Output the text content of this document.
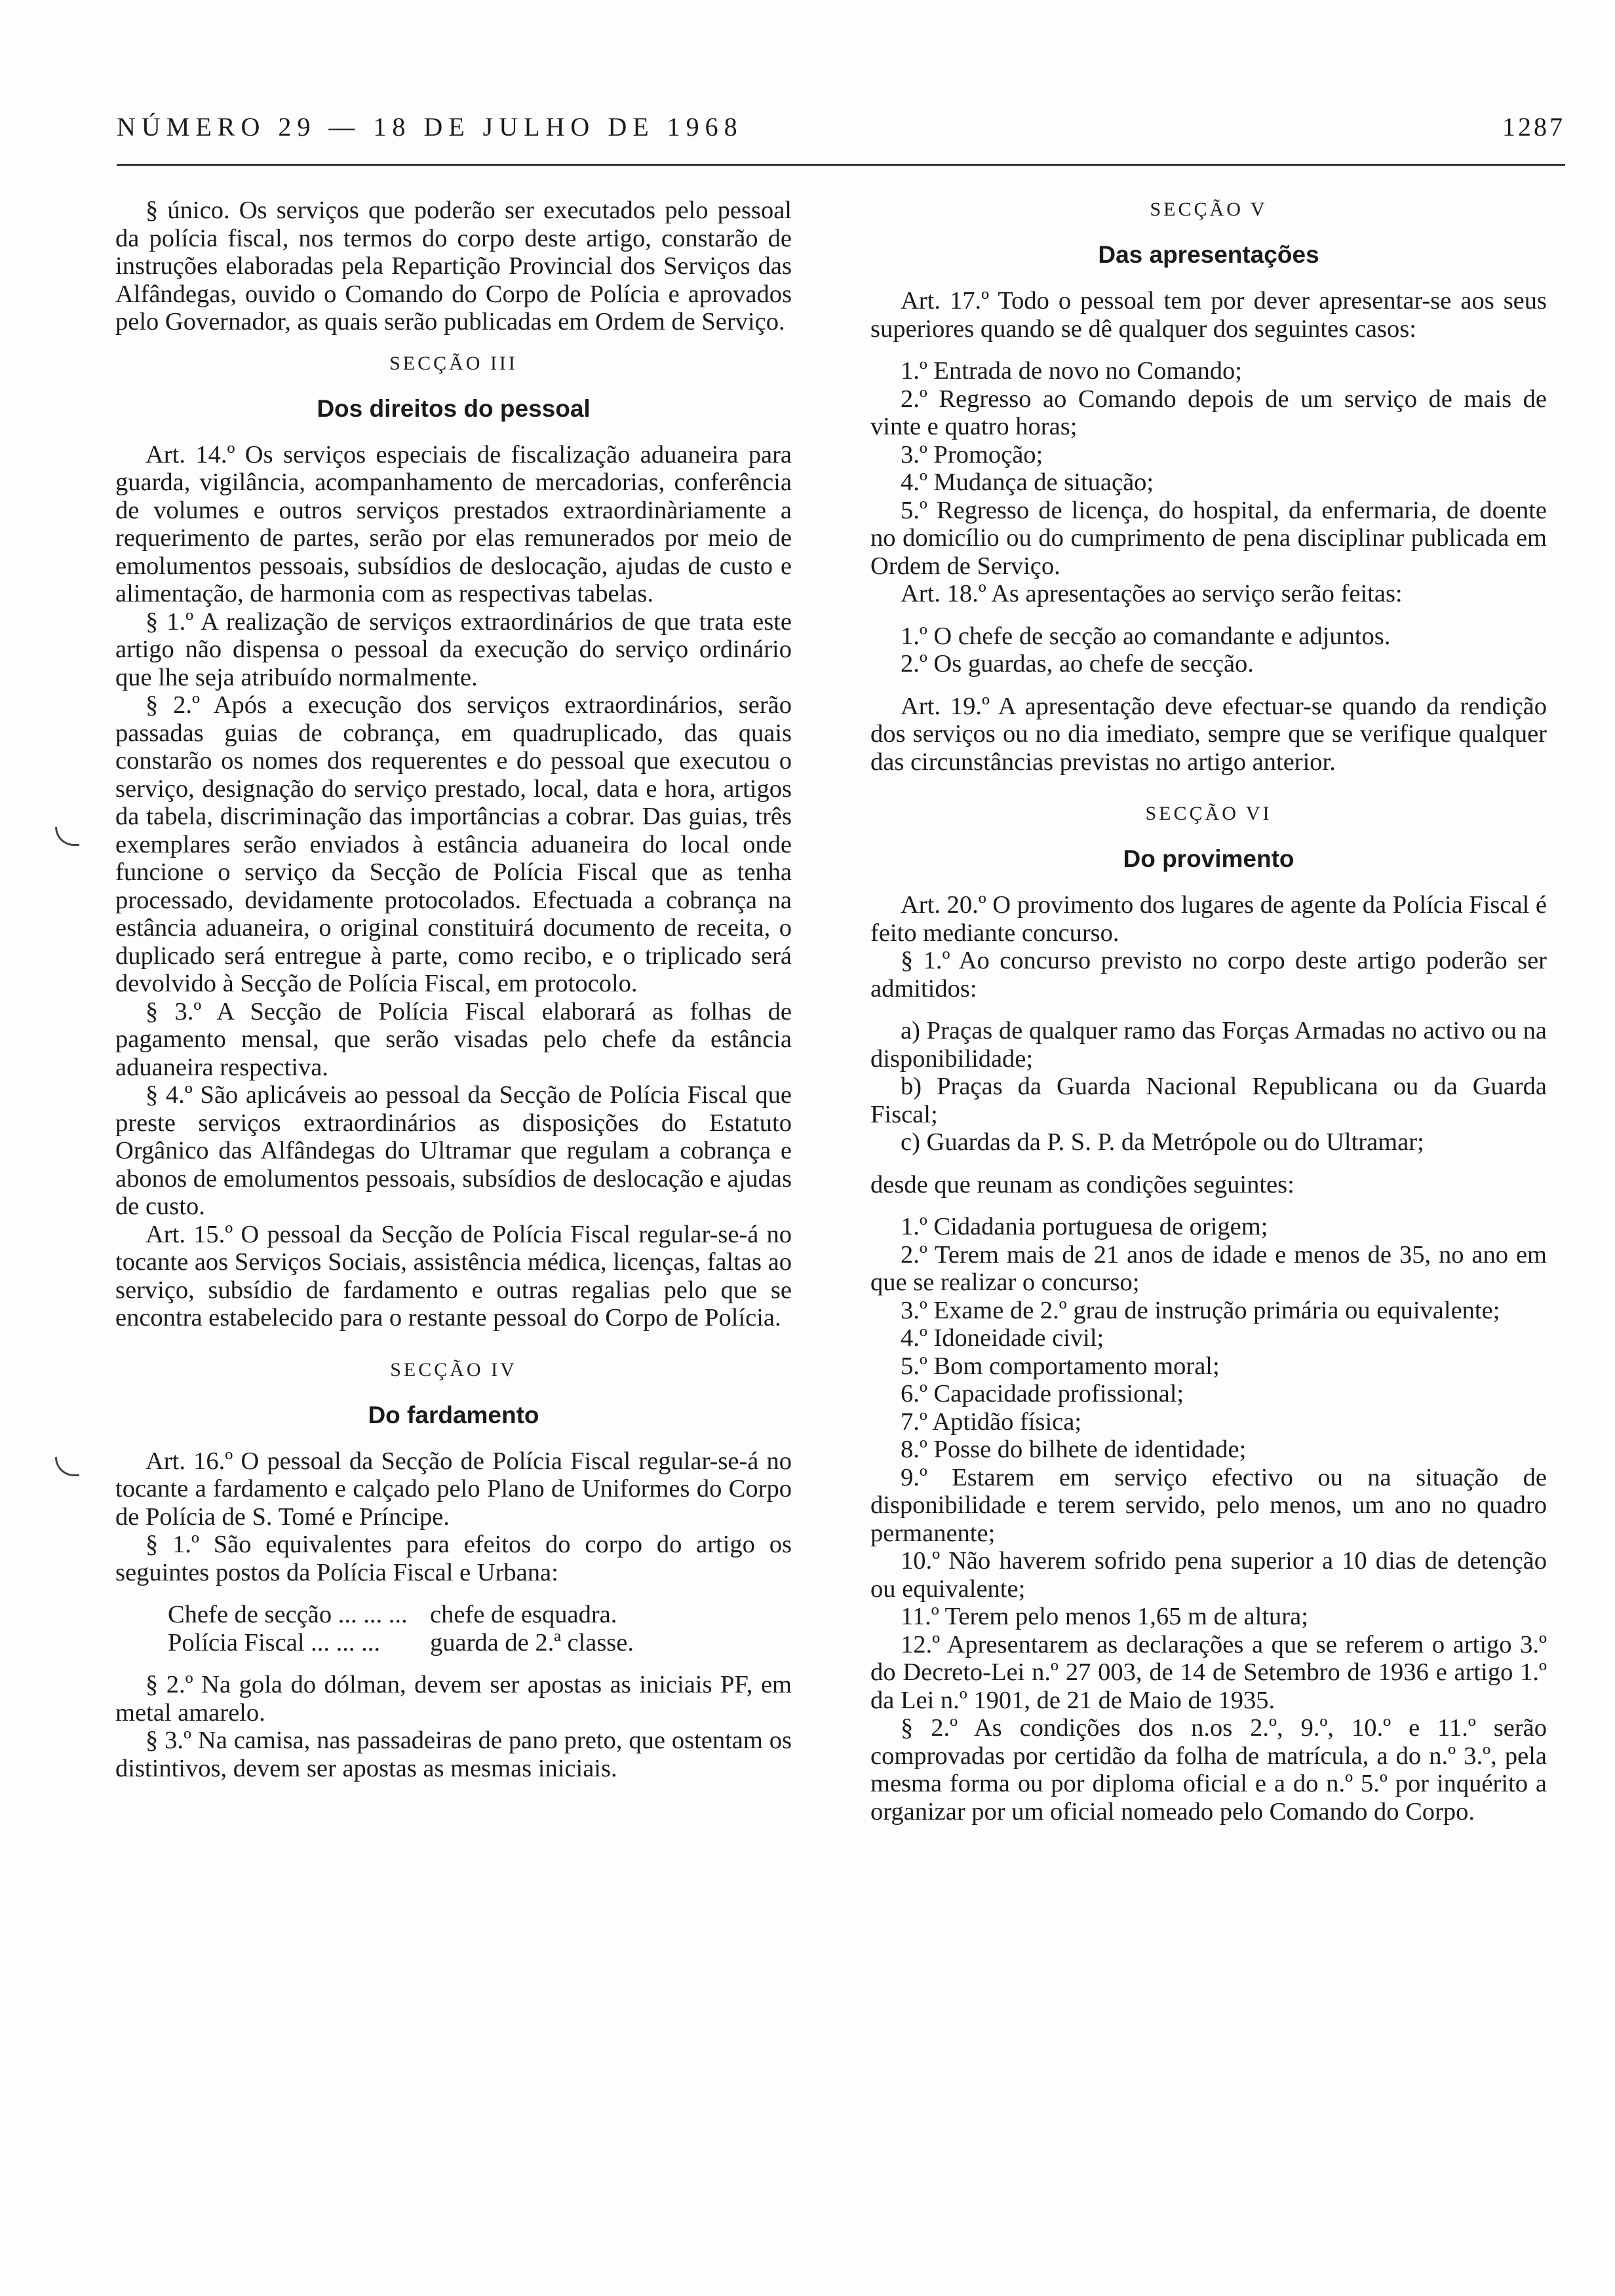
NÚMERO 29 — 18 DE JULHO DE 1968	1287

§ único. Os serviços que poderão ser executados pelo pessoal da polícia fiscal, nos termos do corpo deste artigo, constarão de instruções elaboradas pela Repartição Provincial dos Serviços das Alfândegas, ouvido o Comando do Corpo de Polícia e aprovados pelo Governador, as quais serão publicadas em Ordem de Serviço.

SECÇÃO III

Dos direitos do pessoal

Art. 14.º Os serviços especiais de fiscalização aduaneira para guarda, vigilância, acompanhamento de mercadorias, conferência de volumes e outros serviços prestados extraordinàriamente a requerimento de partes, serão por elas remunerados por meio de emolumentos pessoais, subsídios de deslocação, ajudas de custo e alimentação, de harmonia com as respectivas tabelas.

§ 1.º A realização de serviços extraordinários de que trata este artigo não dispensa o pessoal da execução do serviço ordinário que lhe seja atribuído normalmente.

§ 2.º Após a execução dos serviços extraordinários, serão passadas guias de cobrança, em quadruplicado, das quais constarão os nomes dos requerentes e do pessoal que executou o serviço, designação do serviço prestado, local, data e hora, artigos da tabela, discriminação das importâncias a cobrar. Das guias, três exemplares serão enviados à estância aduaneira do local onde funcione o serviço da Secção de Polícia Fiscal que as tenha processado, devidamente protocolados. Efectuada a cobrança na estância aduaneira, o original constituirá documento de receita, o duplicado será entregue à parte, como recibo, e o triplicado será devolvido à Secção de Polícia Fiscal, em protocolo.

§ 3.º A Secção de Polícia Fiscal elaborará as folhas de pagamento mensal, que serão visadas pelo chefe da estância aduaneira respectiva.

§ 4.º São aplicáveis ao pessoal da Secção de Polícia Fiscal que preste serviços extraordinários as disposições do Estatuto Orgânico das Alfândegas do Ultramar que regulam a cobrança e abonos de emolumentos pessoais, subsídios de deslocação e ajudas de custo.

Art. 15.º O pessoal da Secção de Polícia Fiscal regular-se-á no tocante aos Serviços Sociais, assistência médica, licenças, faltas ao serviço, subsídio de fardamento e outras regalias pelo que se encontra estabelecido para o restante pessoal do Corpo de Polícia.

SECÇÃO IV

Do fardamento

Art. 16.º O pessoal da Secção de Polícia Fiscal regular-se-á no tocante a fardamento e calçado pelo Plano de Uniformes do Corpo de Polícia de S. Tomé e Príncipe.

§ 1.º São equivalentes para efeitos do corpo do artigo os seguintes postos da Polícia Fiscal e Urbana:

Chefe de secção ... ... ... chefe de esquadra.
Polícia Fiscal ... ... ...	guarda de 2.ª classe.

§ 2.º Na gola do dólman, devem ser apostas as iniciais PF, em metal amarelo.

§ 3.º Na camisa, nas passadeiras de pano preto, que ostentam os distintivos, devem ser apostas as mesmas iniciais.

SECÇÃO V

Das apresentações

Art. 17.º Todo o pessoal tem por dever apresentar-se aos seus superiores quando se dê qualquer dos seguintes casos:

1.º Entrada de novo no Comando;

2.º Regresso ao Comando depois de um serviço de mais de vinte e quatro horas;

3.º Promoção;

4.º Mudança de situação;

5.º Regresso de licença, do hospital, da enfermaria, de doente no domicílio ou do cumprimento de pena disciplinar publicada em Ordem de Serviço.

Art. 18.º As apresentações ao serviço serão feitas:

1.º O chefe de secção ao comandante e adjuntos.

2.º Os guardas, ao chefe de secção.

Art. 19.º A apresentação deve efectuar-se quando da rendição dos serviços ou no dia imediato, sempre que se verifique qualquer das circunstâncias previstas no artigo anterior.

SECÇÃO VI

Do provimento

Art. 20.º O provimento dos lugares de agente da Polícia Fiscal é feito mediante concurso.

§ 1.º Ao concurso previsto no corpo deste artigo poderão ser admitidos:

a) Praças de qualquer ramo das Forças Armadas no activo ou na disponibilidade;

b) Praças da Guarda Nacional Republicana ou da Guarda Fiscal;

c) Guardas da P. S. P. da Metrópole ou do Ultramar;

desde que reunam as condições seguintes:

1.º Cidadania portuguesa de origem;

2.º Terem mais de 21 anos de idade e menos de 35, no ano em que se realizar o concurso;

3.º Exame de 2.º grau de instrução primária ou equivalente;

4.º Idoneidade civil;

5.º Bom comportamento moral;

6.º Capacidade profissional;

7.º Aptidão física;

8.º Posse do bilhete de identidade;

9.º Estarem em serviço efectivo ou na situação de disponibilidade e terem servido, pelo menos, um ano no quadro permanente;

10.º Não haverem sofrido pena superior a 10 dias de detenção ou equivalente;

11.º Terem pelo menos 1,65 m de altura;

12.º Apresentarem as declarações a que se referem o artigo 3.º do Decreto-Lei n.º 27 003, de 14 de Setembro de 1936 e artigo 1.º da Lei n.º 1901, de 21 de Maio de 1935.

§ 2.º As condições dos n.os 2.º, 9.º, 10.º e 11.º serão comprovadas por certidão da folha de matrícula, a do n.º 3.º, pela mesma forma ou por diploma oficial e a do n.º 5.º por inquérito a organizar por um oficial nomeado pelo Comando do Corpo.
